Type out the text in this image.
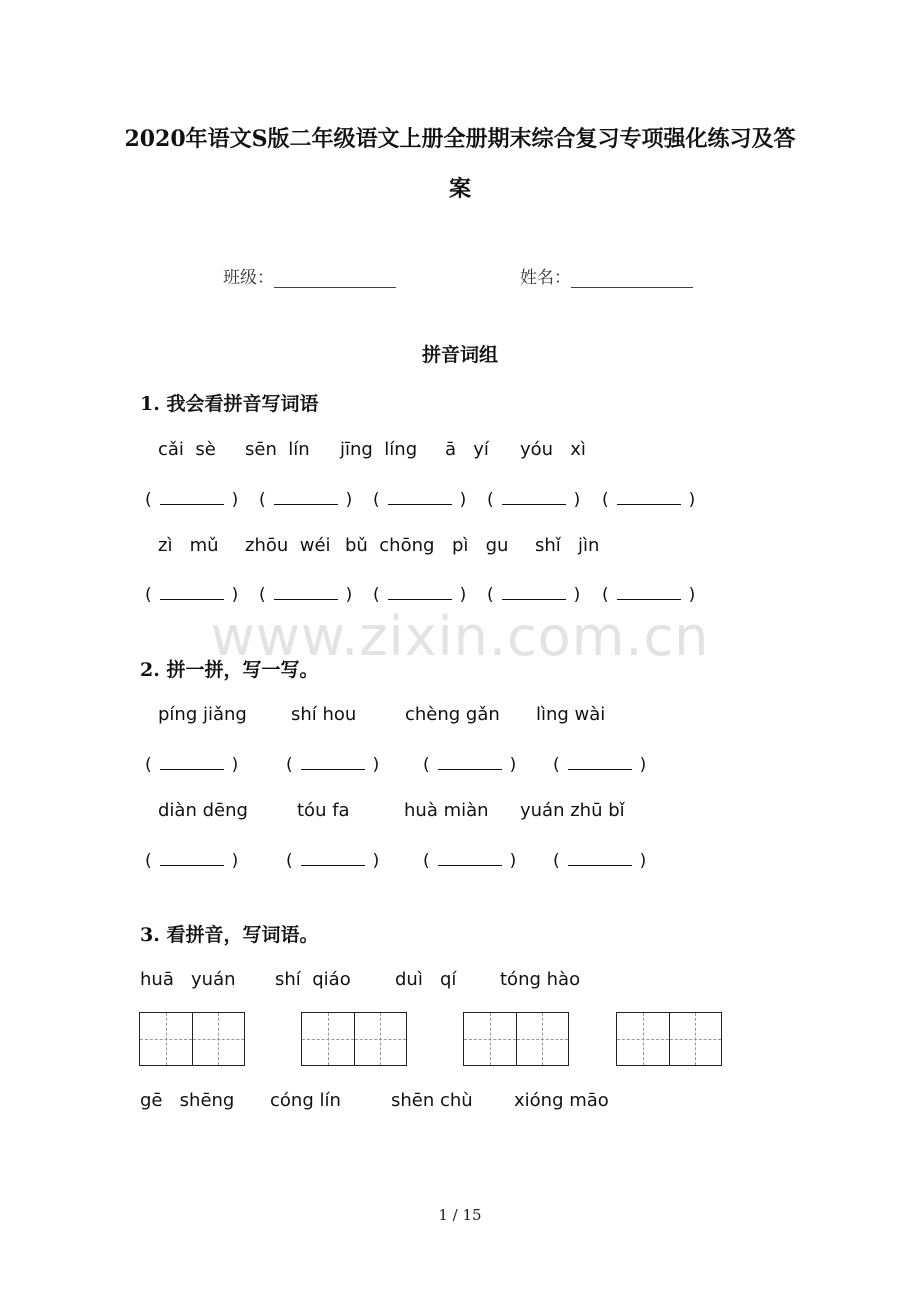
2020年语文S版二年级语文上册全册期末综合复习专项强化练习及答
案
班级：	姓名：
拼音词组
1. 我会看拼音写词语
cǎi  sè sēn  lín jīng  líng ā   yí yóu   xì
(	) (	) (	) (	) (	)
zì   mǔ zhōu  wéi bǔ  chōng pì   gu shǐ   jìn
(	) (	) (	) (	) (	)
www.zixin.com.cn
2. 拼一拼，写一写。
píng jiǎng shí hou	chèng gǎn lìng wài
(	)	(	)	(	) (	)
diàn dēng	tóu fa	huà miàn yuán zhū bǐ
(	)	(	)	(	) (	)
3. 看拼音，写词语。
huā   yuán shí  qiáo duì   qí tóng hào
gē   shēng cóng lín	shēn chù xióng māo
1 / 15
